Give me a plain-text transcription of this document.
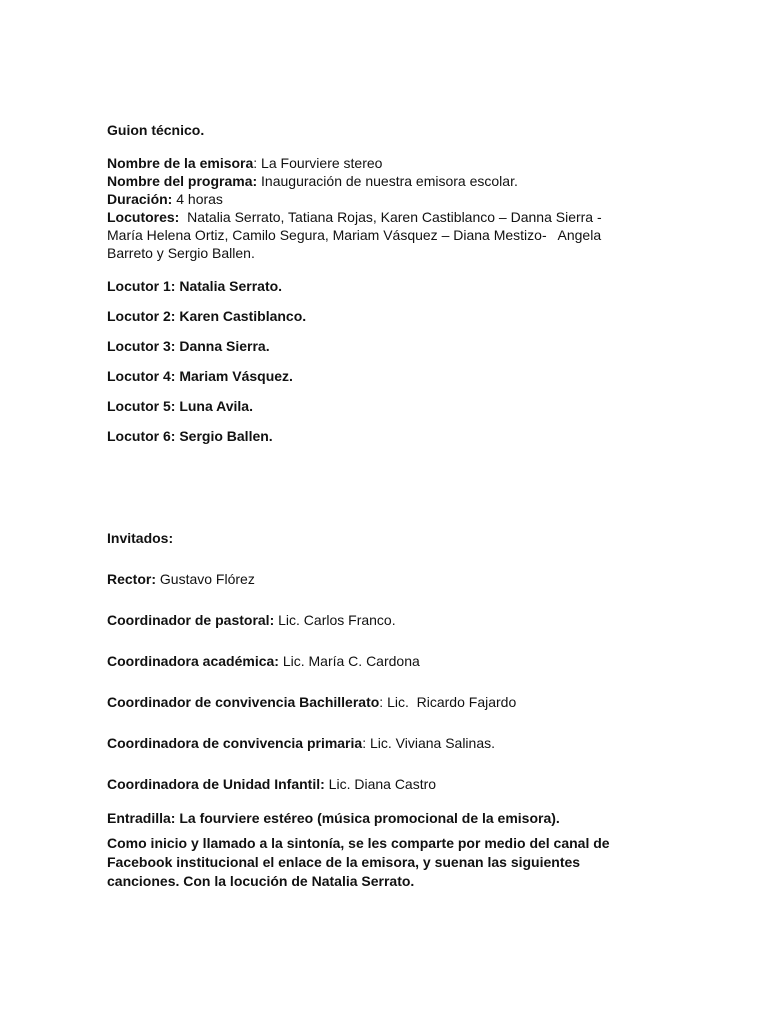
Guion técnico.

Nombre de la emisora: La Fourviere stereo

Nombre del programa: Inauguración de nuestra emisora escolar.

Duración: 4 horas

Locutores:  Natalia Serrato, Tatiana Rojas, Karen Castiblanco – Danna Sierra -

María Helena Ortiz, Camilo Segura, Mariam Vásquez – Diana Mestizo-   Angela

Barreto y Sergio Ballen.

Locutor 1: Natalia Serrato.

Locutor 2: Karen Castiblanco.

Locutor 3: Danna Sierra.

Locutor 4: Mariam Vásquez.

Locutor 5: Luna Avila.

Locutor 6: Sergio Ballen.

Invitados:

Rector: Gustavo Flórez

Coordinador de pastoral: Lic. Carlos Franco.

Coordinadora académica: Lic. María C. Cardona

Coordinador de convivencia Bachillerato: Lic.  Ricardo Fajardo

Coordinadora de convivencia primaria: Lic. Viviana Salinas.

Coordinadora de Unidad Infantil: Lic. Diana Castro

Entradilla: La fourviere estéreo (música promocional de la emisora).

Como inicio y llamado a la sintonía, se les comparte por medio del canal de
Facebook institucional el enlace de la emisora, y suenan las siguientes
canciones. Con la locución de Natalia Serrato.
